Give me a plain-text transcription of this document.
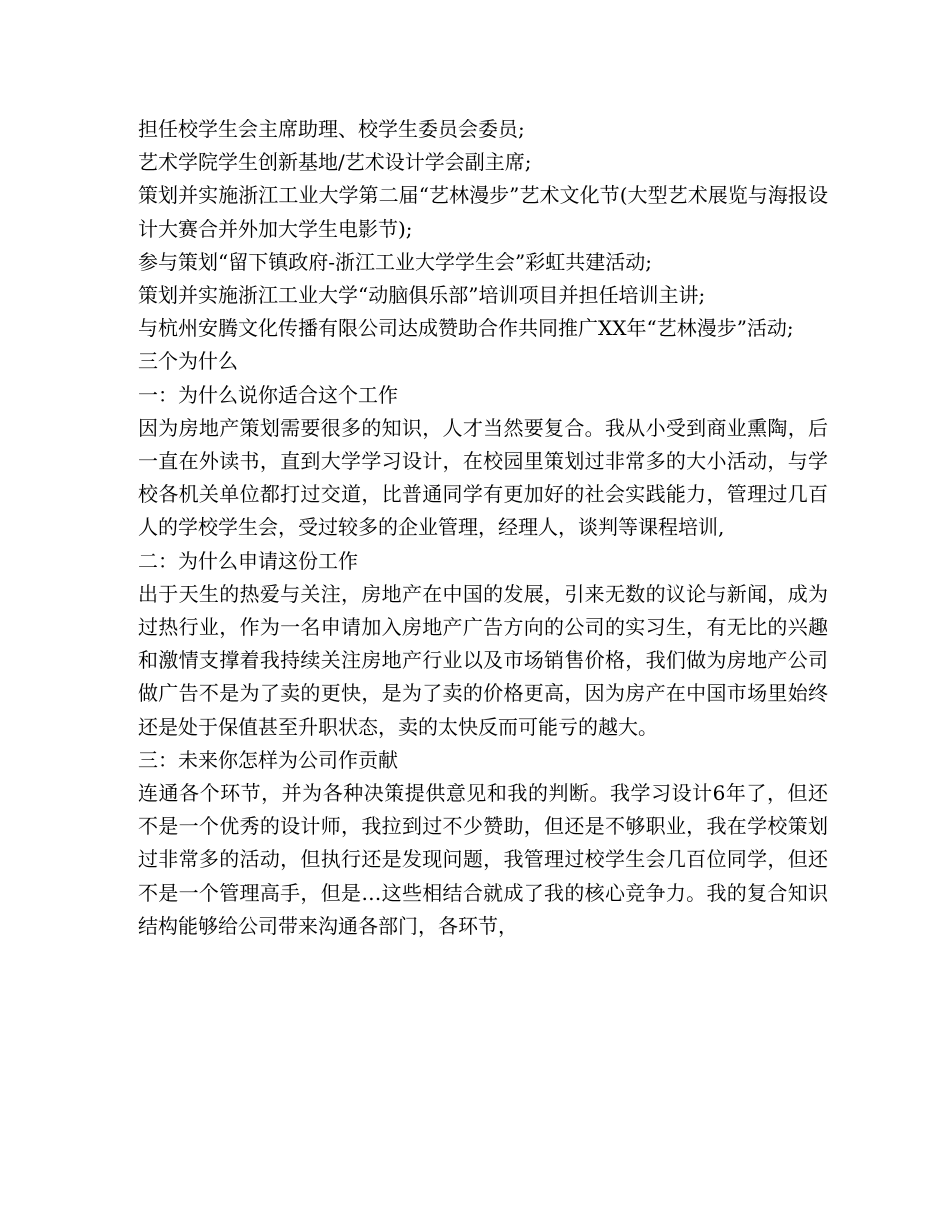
担任校学生会主席助理、校学生委员会委员;

艺术学院学生创新基地/艺术设计学会副主席;

策划并实施浙江工业大学第二届“艺林漫步”艺术文化节(大型艺术展览与海报设计大赛合并外加大学生电影节);

参与策划“留下镇政府-浙江工业大学学生会”彩虹共建活动;

策划并实施浙江工业大学“动脑俱乐部”培训项目并担任培训主讲;

与杭州安腾文化传播有限公司达成赞助合作共同推广XX年“艺林漫步”活动;

三个为什么

一：为什么说你适合这个工作

因为房地产策划需要很多的知识，人才当然要复合。我从小受到商业熏陶，后一直在外读书，直到大学学习设计，在校园里策划过非常多的大小活动，与学校各机关单位都打过交道，比普通同学有更加好的社会实践能力，管理过几百人的学校学生会，受过较多的企业管理，经理人，谈判等课程培训,

二：为什么申请这份工作

出于天生的热爱与关注，房地产在中国的发展，引来无数的议论与新闻，成为过热行业，作为一名申请加入房地产广告方向的公司的实习生，有无比的兴趣和激情支撑着我持续关注房地产行业以及市场销售价格，我们做为房地产公司做广告不是为了卖的更快，是为了卖的价格更高，因为房产在中国市场里始终还是处于保值甚至升职状态，卖的太快反而可能亏的越大。

三：未来你怎样为公司作贡献

连通各个环节，并为各种决策提供意见和我的判断。我学习设计6年了，但还不是一个优秀的设计师，我拉到过不少赞助，但还是不够职业，我在学校策划过非常多的活动，但执行还是发现问题，我管理过校学生会几百位同学，但还不是一个管理高手，但是…这些相结合就成了我的核心竞争力。我的复合知识结构能够给公司带来沟通各部门，各环节，
